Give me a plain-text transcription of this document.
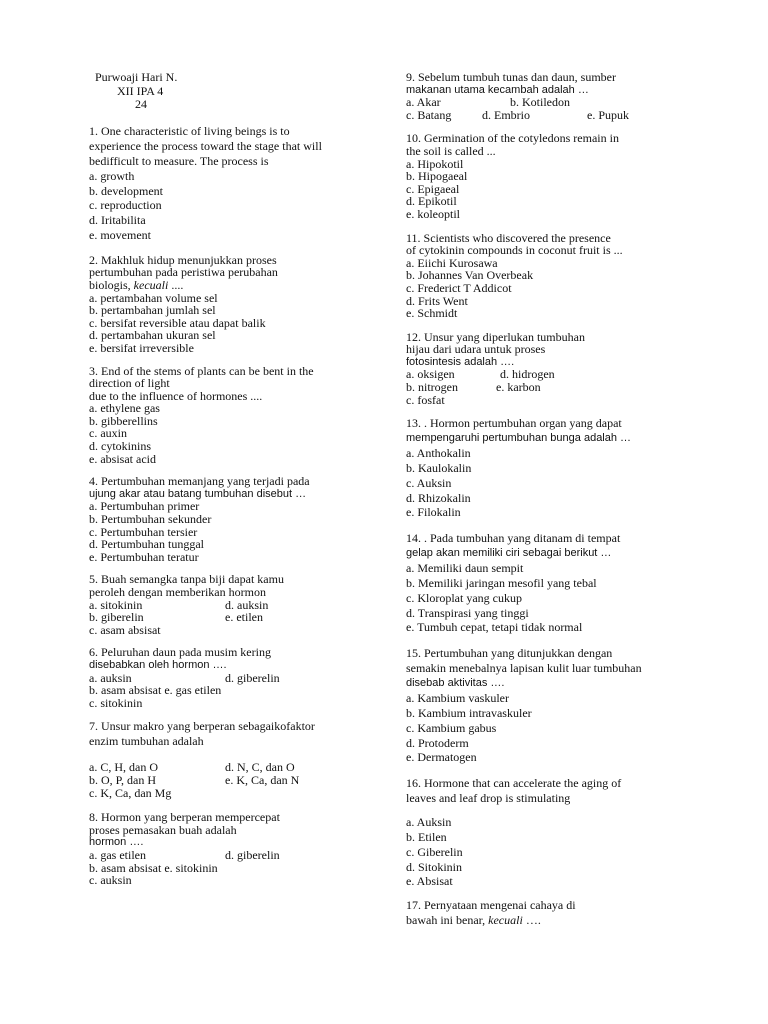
Purwoaji Hari N.
XII IPA 4
24
1. One characteristic of living beings is to
experience the process toward the stage that will
bedifficult to measure. The process is
a. growth
b. development
c. reproduction
d. Iritabilita
e. movement
2. Makhluk hidup menunjukkan proses
pertumbuhan pada peristiwa perubahan
biologis, kecuali ....
a. pertambahan volume sel
b. pertambahan jumlah sel
c. bersifat reversible atau dapat balik
d. pertambahan ukuran sel
e. bersifat irreversible
3. End of the stems of plants can be bent in the
direction of light
due to the influence of hormones ....
a. ethylene gas
b. gibberellins
c. auxin
d. cytokinins
e. absisat acid
4. Pertumbuhan memanjang yang terjadi pada
ujung akar atau batang tumbuhan disebut …
a. Pertumbuhan primer
b. Pertumbuhan sekunder
c. Pertumbuhan tersier
d. Pertumbuhan tunggal
e. Pertumbuhan teratur
5. Buah semangka tanpa biji dapat kamu
peroleh dengan memberikan hormon
a. sitokinin	d. auksin
b. giberelin	e. etilen
c. asam absisat
6. Peluruhan daun pada musim kering
disebabkan oleh hormon ….
a. auksin	d. giberelin
b. asam absisat e. gas etilen
c. sitokinin
7. Unsur makro yang berperan sebagaikofaktor
enzim tumbuhan adalah
a. C, H, dan O	d. N, C, dan O
b. O, P, dan H	e. K, Ca, dan N
c. K, Ca, dan Mg
8. Hormon yang berperan mempercepat
proses pemasakan buah adalah
hormon ….
a. gas etilen	d. giberelin
b. asam absisat e. sitokinin
c. auksin
9. Sebelum tumbuh tunas dan daun, sumber
makanan utama kecambah adalah …
a. Akar	b. Kotiledon
c. Batang	d. Embrio	e. Pupuk
10. Germination of the cotyledons remain in
the soil is called ...
a. Hipokotil
b. Hipogaeal
c. Epigaeal
d. Epikotil
e. koleoptil
11. Scientists who discovered the presence
of cytokinin compounds in coconut fruit is ...
a. Eiichi Kurosawa
b. Johannes Van Overbeak
c. Frederict T Addicot
d. Frits Went
e. Schmidt
12. Unsur yang diperlukan tumbuhan
hijau dari udara untuk proses
fotosintesis adalah ….
a. oksigen	d. hidrogen
b. nitrogen	e. karbon
c. fosfat
13. . Hormon pertumbuhan organ yang dapat
mempengaruhi pertumbuhan bunga adalah …
a. Anthokalin
b. Kaulokalin
c. Auksin
d. Rhizokalin
e. Filokalin
14. . Pada tumbuhan yang ditanam di tempat
gelap akan memiliki ciri sebagai berikut …
a. Memiliki daun sempit
b. Memiliki jaringan mesofil yang tebal
c. Kloroplat yang cukup
d. Transpirasi yang tinggi
e. Tumbuh cepat, tetapi tidak normal
15. Pertumbuhan yang ditunjukkan dengan
semakin menebalnya lapisan kulit luar tumbuhan
disebab aktivitas ….
a. Kambium vaskuler
b. Kambium intravaskuler
c. Kambium gabus
d. Protoderm
e. Dermatogen
16. Hormone that can accelerate the aging of
leaves and leaf drop is stimulating
a. Auksin
b. Etilen
c. Giberelin
d. Sitokinin
e. Absisat
17. Pernyataan mengenai cahaya di
bawah ini benar, kecuali ….
